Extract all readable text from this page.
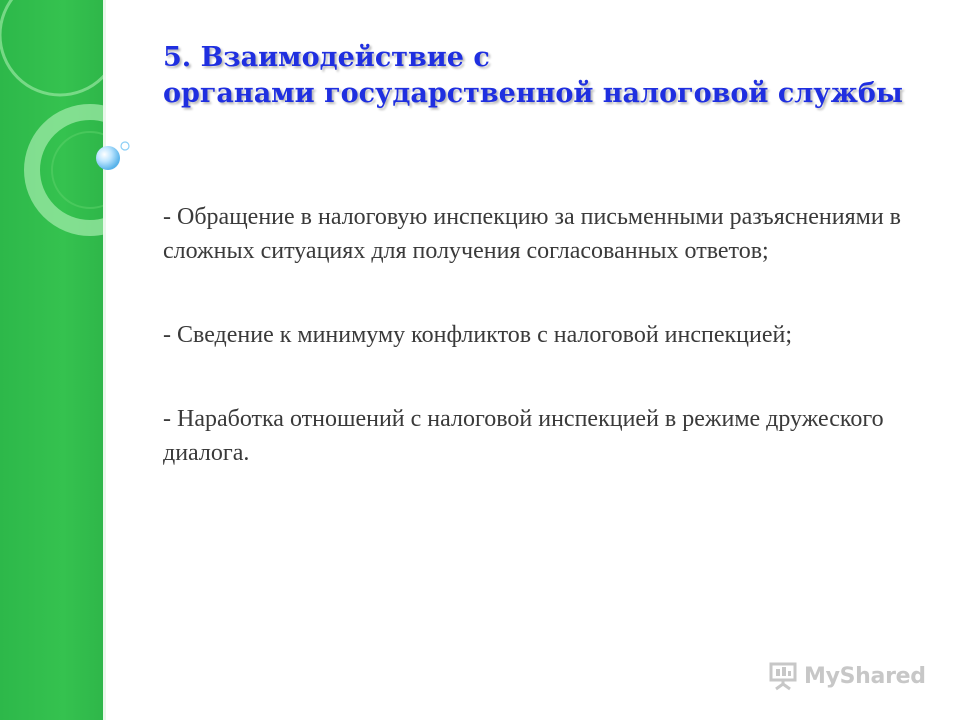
5. Взаимодействие с
органами государственной налоговой службы

- Обращение в налоговую инспекцию за письменными разъяснениями в сложных ситуациях для получения согласованных ответов;

- Сведение к минимуму конфликтов с налоговой инспекцией;

- Наработка отношений с налоговой инспекцией в режиме дружеского диалога.

MyShared
